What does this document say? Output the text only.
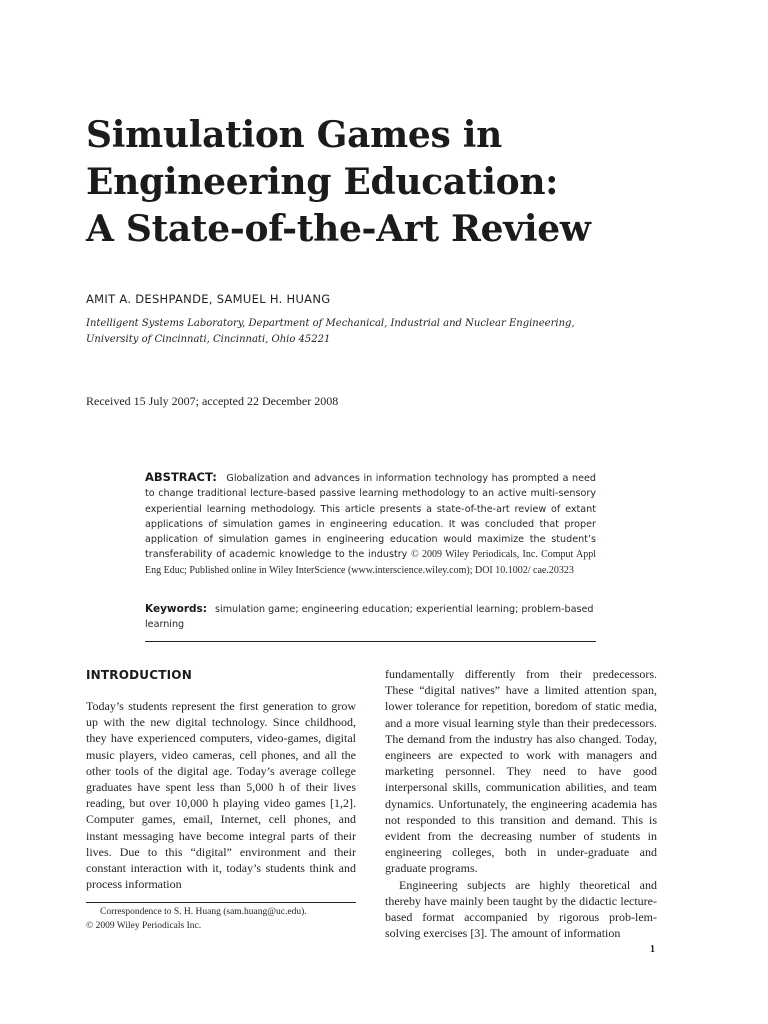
Simulation Games in
Engineering Education:
A State-of-the-Art Review
AMIT A. DESHPANDE, SAMUEL H. HUANG
Intelligent Systems Laboratory, Department of Mechanical, Industrial and Nuclear Engineering,
University of Cincinnati, Cincinnati, Ohio 45221
Received 15 July 2007; accepted 22 December 2008
ABSTRACT: Globalization and advances in information technology has prompted a need to change traditional lecture-based passive learning methodology to an active multi-sensory experiential learning methodology. This article presents a state-of-the-art review of extant applications of simulation games in engineering education. It was concluded that proper application of simulation games in engineering education would maximize the student’s transferability of academic knowledge to the industry © 2009 Wiley Periodicals, Inc. Comput Appl Eng Educ; Published online in Wiley InterScience (www.interscience.wiley.com); DOI 10.1002/ cae.20323
Keywords: simulation game; engineering education; experiential learning; problem-based learning
INTRODUCTION

Today’s students represent the first generation to grow up with the new digital technology. Since childhood, they have experienced computers, video-games, digital music players, video cameras, cell phones, and all the other tools of the digital age. Today’s average college graduates have spent less than 5,000 h of their lives reading, but over 10,000 h playing video games [1,2]. Computer games, email, Internet, cell phones, and instant messaging have become integral parts of their lives. Due to this “digital” environment and their constant interaction with it, today’s students think and process information

fundamentally differently from their predecessors. These “digital natives” have a limited attention span, lower tolerance for repetition, boredom of static media, and a more visual learning style than their predecessors. The demand from the industry has also changed. Today, engineers are expected to work with managers and marketing personnel. They need to have good interpersonal skills, communication abilities, and team dynamics. Unfortunately, the engineering academia has not responded to this transition and demand. This is evident from the decreasing number of students in engineering colleges, both in under-graduate and graduate programs.

Engineering subjects are highly theoretical and thereby have mainly been taught by the didactic lecture-based format accompanied by rigorous prob-lem-solving exercises [3]. The amount of information

Correspondence to S. H. Huang (sam.huang@uc.edu).
© 2009 Wiley Periodicals Inc.
1
